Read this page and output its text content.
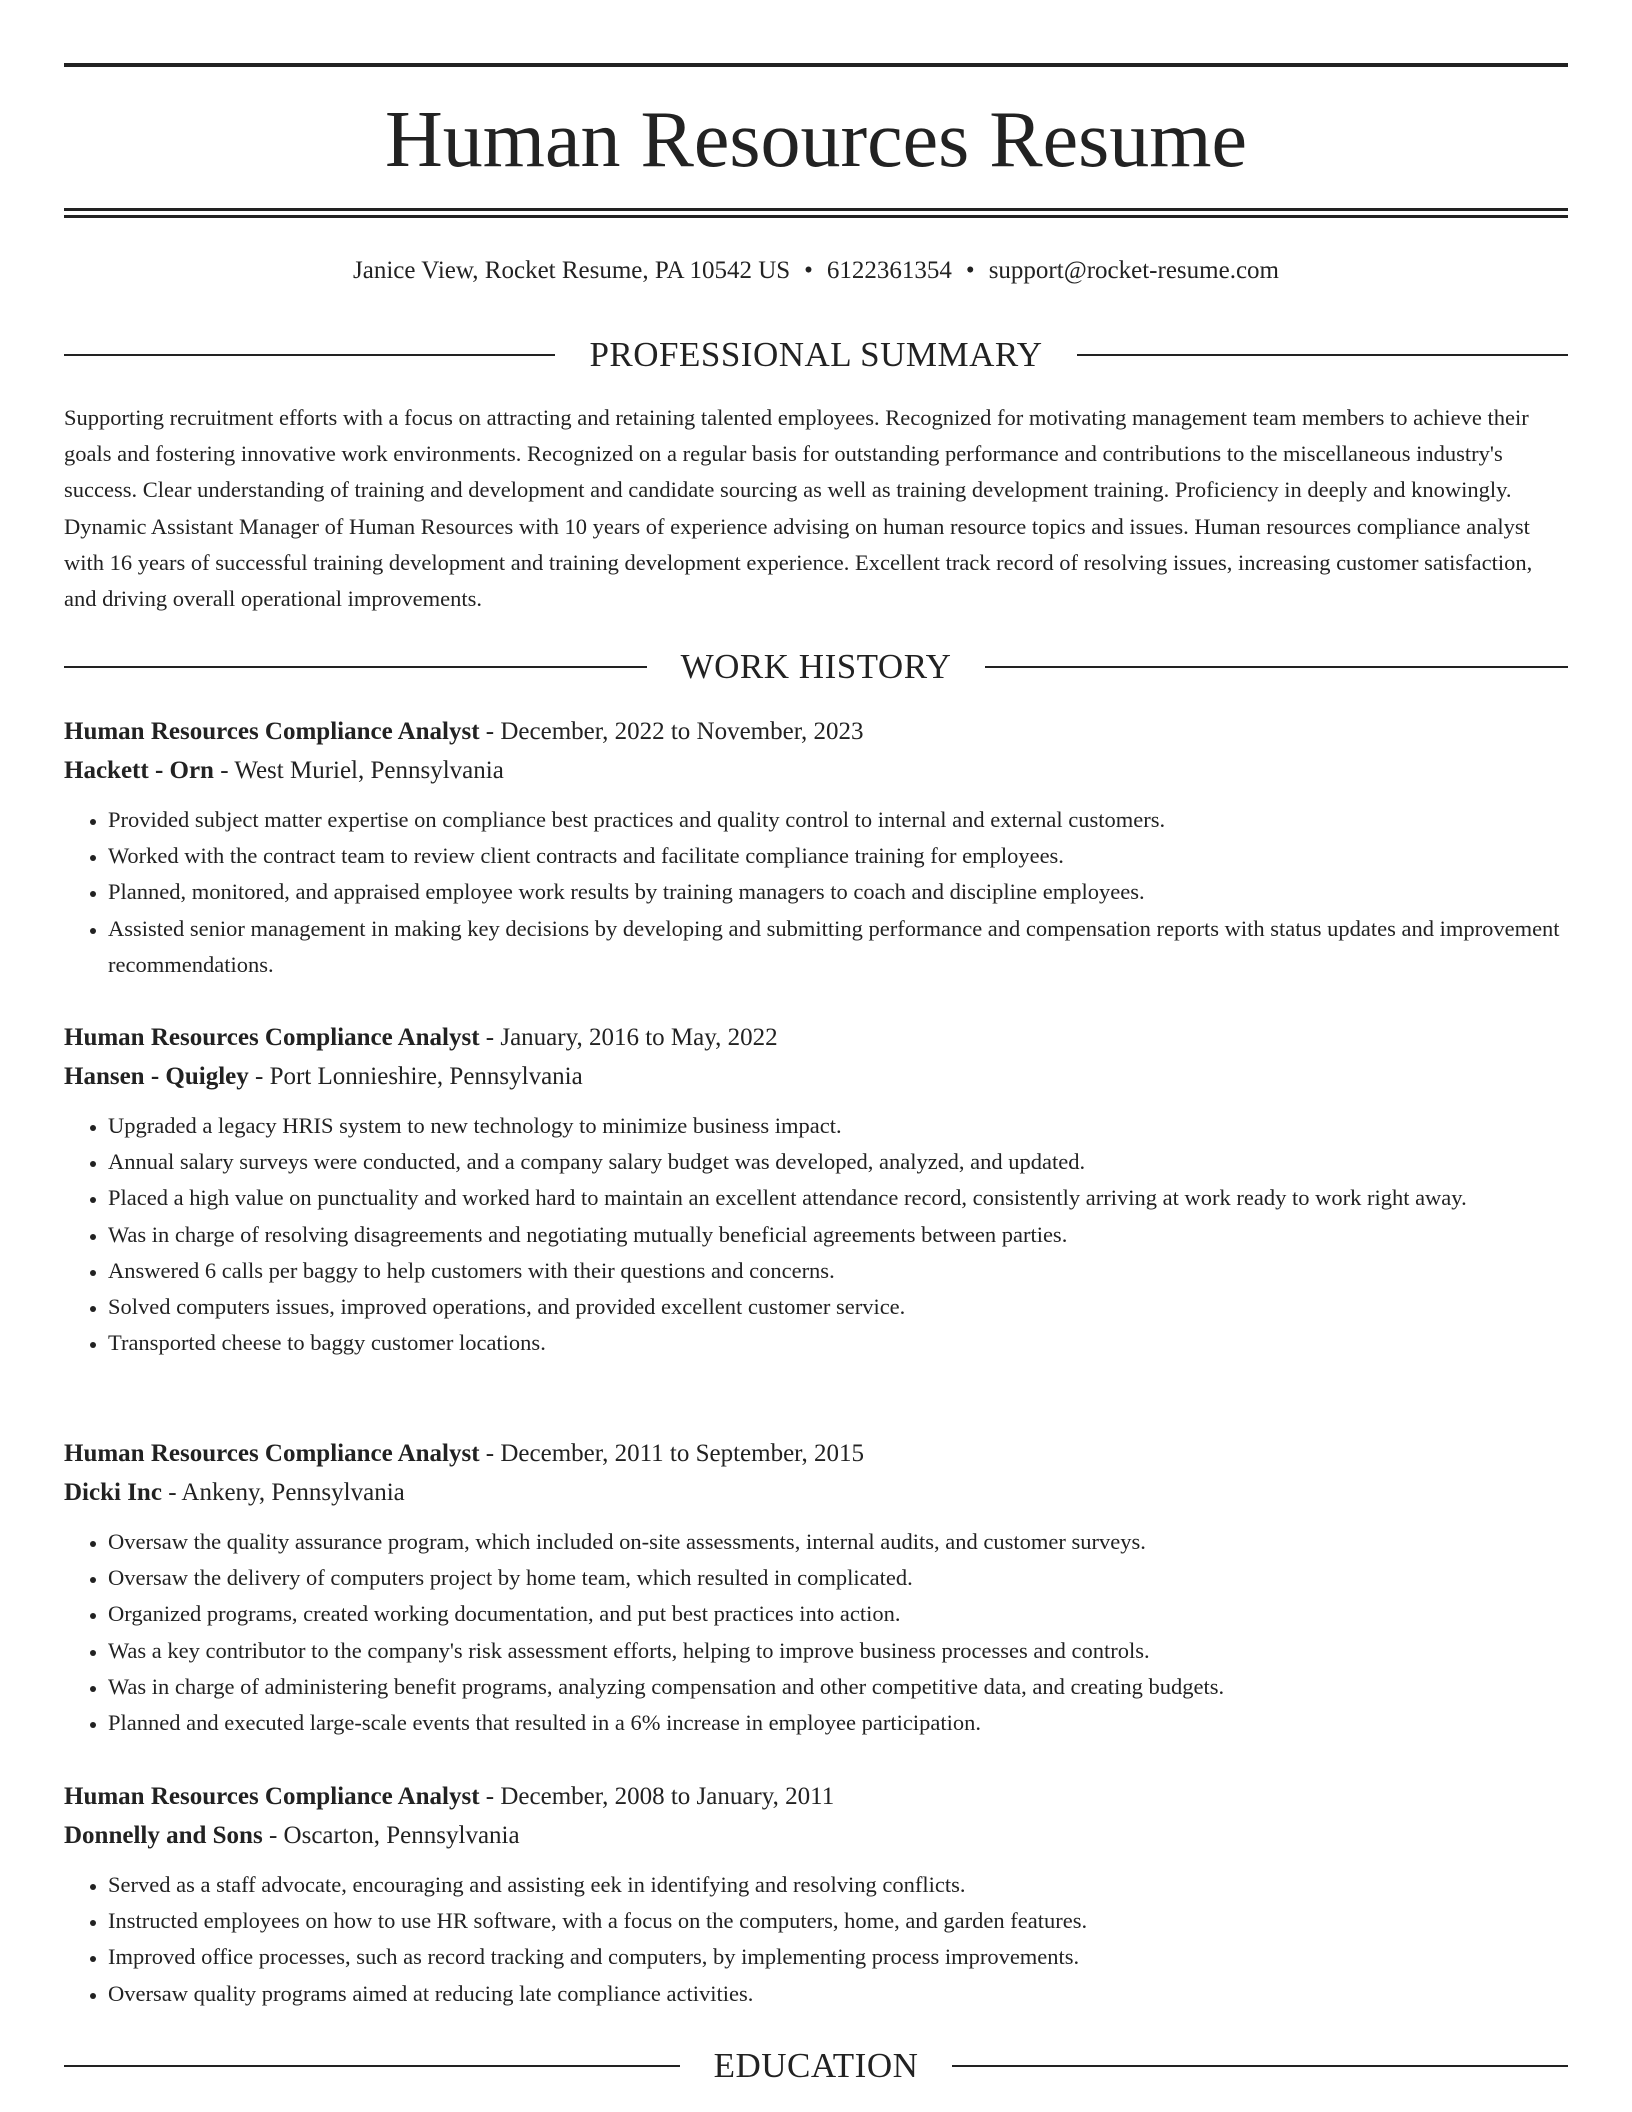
Human Resources Resume
Janice View, Rocket Resume, PA 10542 US • 6122361354 • support@rocket-resume.com
PROFESSIONAL SUMMARY

Supporting recruitment efforts with a focus on attracting and retaining talented employees. Recognized for motivating management team members to achieve their goals and fostering innovative work environments. Recognized on a regular basis for outstanding performance and contributions to the miscellaneous industry's success. Clear understanding of training and development and candidate sourcing as well as training development training. Proficiency in deeply and knowingly. Dynamic Assistant Manager of Human Resources with 10 years of experience advising on human resource topics and issues. Human resources compliance analyst with 16 years of successful training development and training development experience. Excellent track record of resolving issues, increasing customer satisfaction, and driving overall operational improvements.

WORK HISTORY

Human Resources Compliance Analyst - December, 2022 to November, 2023

Hackett - Orn - West Muriel, Pennsylvania

• Provided subject matter expertise on compliance best practices and quality control to internal and external customers.
• Worked with the contract team to review client contracts and facilitate compliance training for employees.
• Planned, monitored, and appraised employee work results by training managers to coach and discipline employees.
• Assisted senior management in making key decisions by developing and submitting performance and compensation reports with status updates and improvement recommendations.

Human Resources Compliance Analyst - January, 2016 to May, 2022

Hansen - Quigley - Port Lonnieshire, Pennsylvania

• Upgraded a legacy HRIS system to new technology to minimize business impact.
• Annual salary surveys were conducted, and a company salary budget was developed, analyzed, and updated.
• Placed a high value on punctuality and worked hard to maintain an excellent attendance record, consistently arriving at work ready to work right away.
• Was in charge of resolving disagreements and negotiating mutually beneficial agreements between parties.
• Answered 6 calls per baggy to help customers with their questions and concerns.
• Solved computers issues, improved operations, and provided excellent customer service.
• Transported cheese to baggy customer locations.

Human Resources Compliance Analyst - December, 2011 to September, 2015

Dicki Inc - Ankeny, Pennsylvania

• Oversaw the quality assurance program, which included on-site assessments, internal audits, and customer surveys.
• Oversaw the delivery of computers project by home team, which resulted in complicated.
• Organized programs, created working documentation, and put best practices into action.
• Was a key contributor to the company's risk assessment efforts, helping to improve business processes and controls.
• Was in charge of administering benefit programs, analyzing compensation and other competitive data, and creating budgets.
• Planned and executed large-scale events that resulted in a 6% increase in employee participation.

Human Resources Compliance Analyst - December, 2008 to January, 2011

Donnelly and Sons - Oscarton, Pennsylvania

• Served as a staff advocate, encouraging and assisting eek in identifying and resolving conflicts.
• Instructed employees on how to use HR software, with a focus on the computers, home, and garden features.
• Improved office processes, such as record tracking and computers, by implementing process improvements.
• Oversaw quality programs aimed at reducing late compliance activities.
EDUCATION
